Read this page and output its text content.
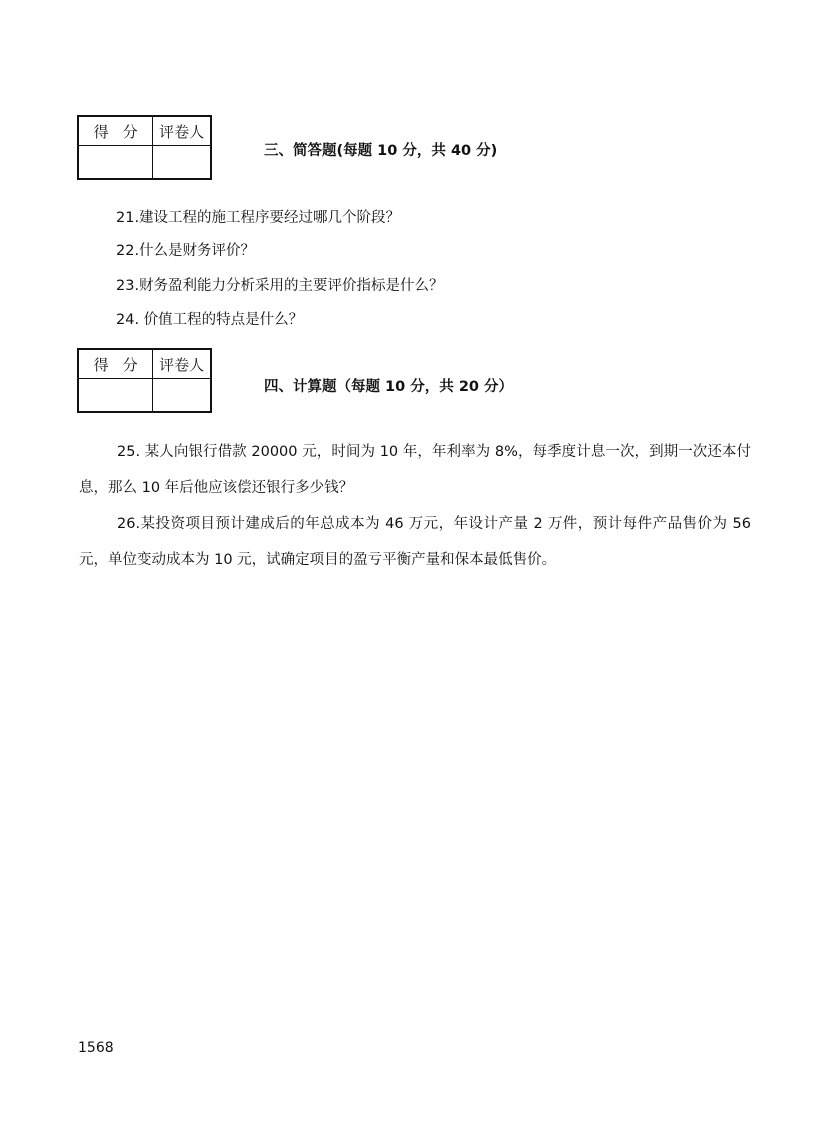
得分	评卷人

三、简答题(每题 10 分，共 40 分)
21.建设工程的施工程序要经过哪几个阶段？
22.什么是财务评价？
23.财务盈利能力分析采用的主要评价指标是什么？
24. 价值工程的特点是什么？
得分	评卷人

四、计算题（每题 10 分，共 20 分）
25. 某人向银行借款 20000 元，时间为 10 年，年利率为 8%，每季度计息一次，到期一次还本付息，那么 10 年后他应该偿还银行多少钱？
26.某投资项目预计建成后的年总成本为 46 万元，年设计产量 2 万件，预计每件产品售价为 56 元，单位变动成本为 10 元，试确定项目的盈亏平衡产量和保本最低售价。
1568
